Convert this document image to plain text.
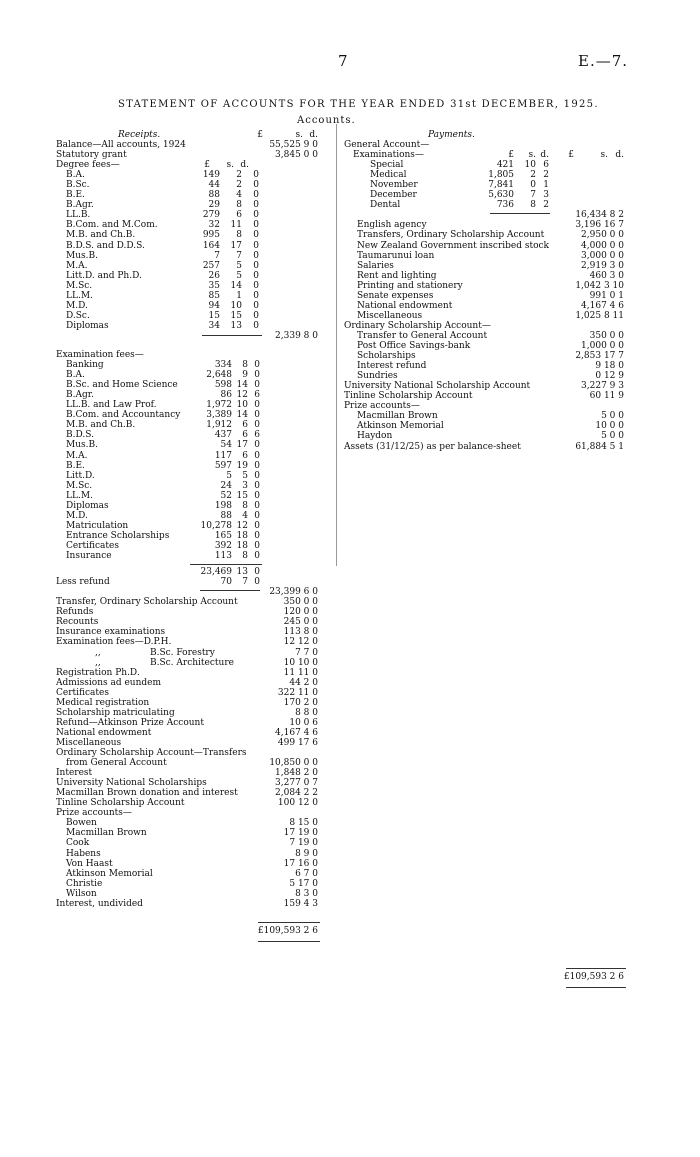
7	E.—7.
STATEMENT OF ACCOUNTS FOR THE YEAR ENDED 31st DECEMBER, 1925.
Accounts.
Receipts.	£	s. d.
Balance—All accounts, 1924	55,525 9 0
Statutory grant	3,845 0 0
Degree fees—	£	s. d.
B.A.	149	2	0
B.Sc.	44	2	0
B.E.	88	4	0
B.Agr.	29	8	0
LL.B.	279	6	0
B.Com. and M.Com.	32	11	0
M.B. and Ch.B.	995	8	0
B.D.S. and D.D.S.	164	17	0
Mus.B.	7	7	0
M.A.	257	5	0
Litt.D. and Ph.D.	26	5	0
M.Sc.	35	14	0
LL.M.	85	1	0
M.D.	94	10	0
D.Sc.	15	15	0
Diplomas	34	13	0
2,339 8 0
Examination fees—
Banking	334	8 0
B.A.	2,648	9 0
B.Sc. and Home Science	598 14 0
B.Agr.	86 12 6
LL.B. and Law Prof.	1,972 10 0
B.Com. and Accountancy	3,389 14 0
M.B. and Ch.B.	1,912	6 0
B.D.S.	437	6 6
Mus.B.	54 17 0
M.A.	117	6 0
B.E.	597 19 0
Litt.D.	5	5 0
M.Sc.	24	3 0
LL.M.	52 15 0
Diplomas	198	8 0
M.D.	88	4 0
Matriculation	10,278 12 0
Entrance Scholarships	165 18 0
Certificates	392 18 0
Insurance	113	8 0
23,469 13 0
Less refund	70	7 0
23,399 6 0
Transfer, Ordinary Scholarship Account	350 0 0
Refunds	120 0 0
Recounts	245 0 0
Insurance examinations	113 8 0
Examination fees—D.P.H.	12 12 0
,,	B.Sc. Forestry	7 7 0
,,	B.Sc. Architecture	10 10 0
Registration Ph.D.	11 11 0
Admissions ad eundem	44 2 0
Certificates	322 11 0
Medical registration	170 2 0
Scholarship matriculating	8 8 0
Refund—Atkinson Prize Account	10 0 6
National endowment	4,167 4 6
Miscellaneous	499 17 6
Ordinary Scholarship Account—Transfers
from General Account	10,850 0 0
Interest	1,848 2 0
University National Scholarships	3,277 0 7
Macmillan Brown donation and interest	2,084 2 2
Tinline Scholarship Account	100 12 0
Prize accounts—
Bowen	8 15 0
Macmillan Brown	17 19 0
Cook	7 19 0
Habens	8 9 0
Von Haast	17 16 0
Atkinson Memorial	6 7 0
Christie	5 17 0
Wilson	8 3 0
Interest, undivided	159 4 3
£109,593 2 6
Payments.
General Account—
Examinations—	£	s. d.	£	s. d.
Special	421	10 6
Medical	1,805	2 2
November	7,841	0 1
December	5,630	7 3
Dental	736	8 2
16,434 8 2
English agency	3,196 16 7
Transfers, Ordinary Scholarship Account	2,950 0 0
New Zealand Government inscribed stock	4,000 0 0
Taumarunui loan	3,000 0 0
Salaries	2,919 3 0
Rent and lighting	460 3 0
Printing and stationery	1,042 3 10
Senate expenses	991 0 1
National endowment	4,167 4 6
Miscellaneous	1,025 8 11
Ordinary Scholarship Account—
Transfer to General Account	350 0 0
Post Office Savings-bank	1,000 0 0
Scholarships	2,853 17 7
Interest refund	9 18 0
Sundries	0 12 9
University National Scholarship Account	3,227 9 3
Tinline Scholarship Account	60 11 9
Prize accounts—
Macmillan Brown	5 0 0
Atkinson Memorial	10 0 0
Haydon	5 0 0
Assets (31/12/25) as per balance-sheet	61,884 5 1
£109,593 2 6
